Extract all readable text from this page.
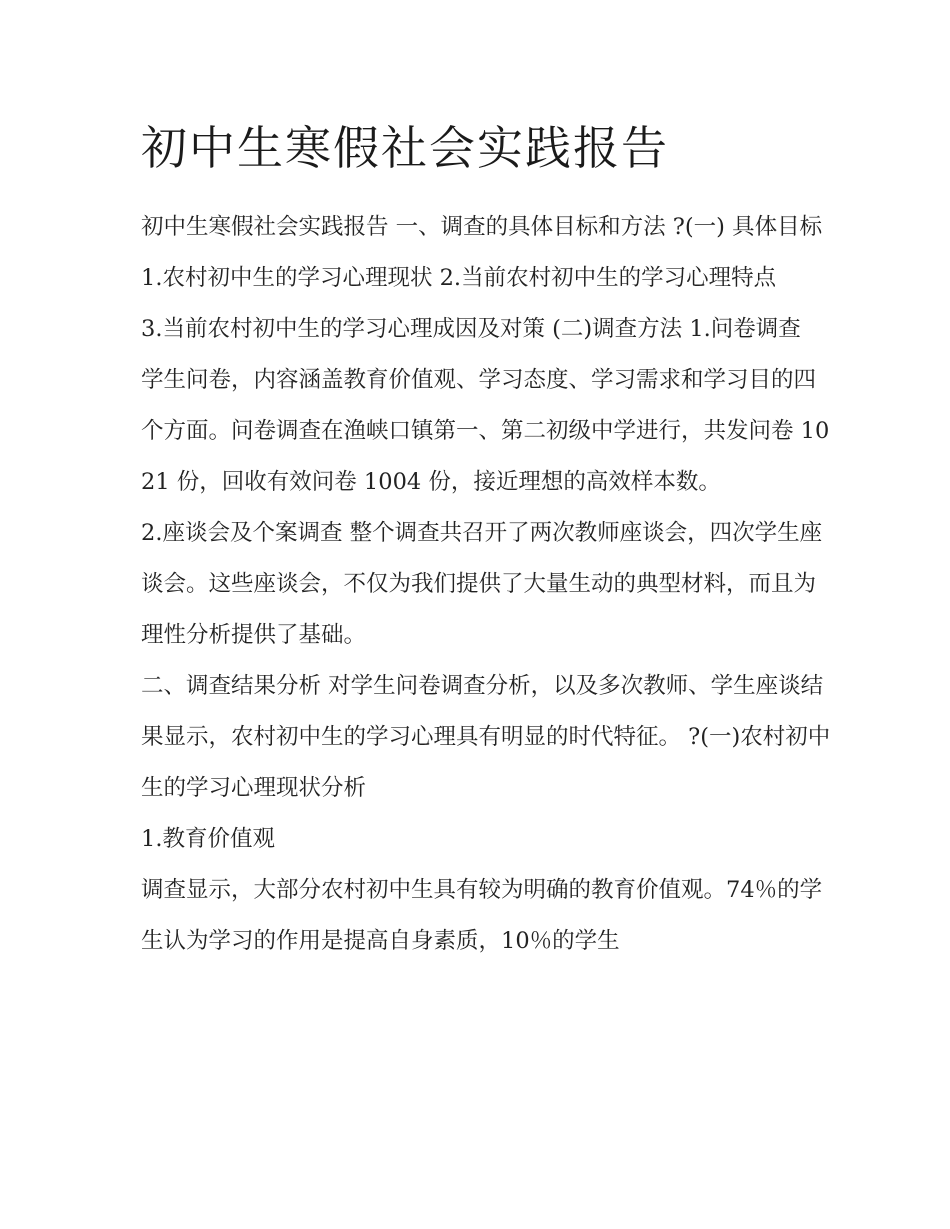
初中生寒假社会实践报告

初中生寒假社会实践报告 一、调查的具体目标和方法 ?(一) 具体目标 1.农村初中生的学习心理现状 2.当前农村初中生的学习心理特点

3.当前农村初中生的学习心理成因及对策 (二)调查方法 1.问卷调查

学生问卷，内容涵盖教育价值观、学习态度、学习需求和学习目的四个方面。问卷调查在渔峡口镇第一、第二初级中学进行，共发问卷 1021 份，回收有效问卷 1004 份，接近理想的高效样本数。

2.座谈会及个案调查 整个调查共召开了两次教师座谈会，四次学生座谈会。这些座谈会，不仅为我们提供了大量生动的典型材料，而且为理性分析提供了基础。

二、调查结果分析 对学生问卷调查分析，以及多次教师、学生座谈结果显示，农村初中生的学习心理具有明显的时代特征。 ?(一)农村初中生的学习心理现状分析

1.教育价值观

调查显示，大部分农村初中生具有较为明确的教育价值观。74％的学生认为学习的作用是提高自身素质，10％的学生
